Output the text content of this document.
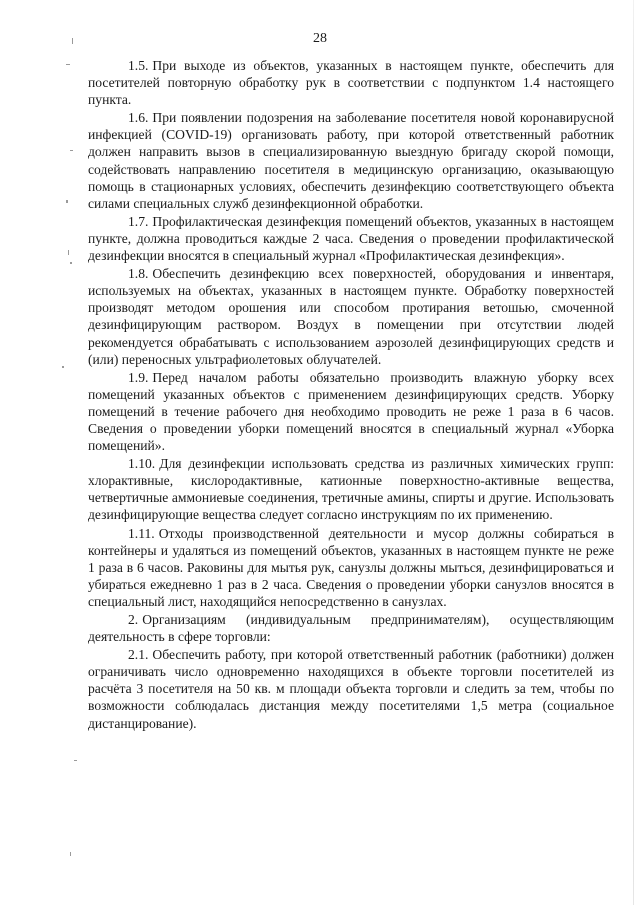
28

1.5. При выходе из объектов, указанных в настоящем пункте, обеспечить для посетителей повторную обработку рук в соответствии с подпунктом 1.4 настоящего пункта.

1.6. При появлении подозрения на заболевание посетителя новой коронавирусной инфекцией (COVID-19) организовать работу, при которой ответственный работник должен направить вызов в специализированную выездную бригаду скорой помощи, содействовать направлению посетителя в медицинскую организацию, оказывающую помощь в стационарных условиях, обеспечить дезинфекцию соответствующего объекта силами специальных служб дезинфекционной обработки.

1.7. Профилактическая дезинфекция помещений объектов, указанных в настоящем пункте, должна проводиться каждые 2 часа. Сведения о проведении профилактической дезинфекции вносятся в специальный журнал «Профилактическая дезинфекция».

1.8. Обеспечить дезинфекцию всех поверхностей, оборудования и инвентаря, используемых на объектах, указанных в настоящем пункте. Обработку поверхностей производят методом орошения или способом протирания ветошью, смоченной дезинфицирующим раствором. Воздух в помещении при отсутствии людей рекомендуется обрабатывать с использованием аэрозолей дезинфицирующих средств и (или) переносных ультрафиолетовых облучателей.

1.9. Перед началом работы обязательно производить влажную уборку всех помещений указанных объектов с применением дезинфицирующих средств. Уборку помещений в течение рабочего дня необходимо проводить не реже 1 раза в 6 часов. Сведения о проведении уборки помещений вносятся в специальный журнал «Уборка помещений».

1.10. Для дезинфекции использовать средства из различных химических групп: хлорактивные, кислородактивные, катионные поверхностно-активные вещества, четвертичные аммониевые соединения, третичные амины, спирты и другие. Использовать дезинфицирующие вещества следует согласно инструкциям по их применению.

1.11. Отходы производственной деятельности и мусор должны собираться в контейнеры и удаляться из помещений объектов, указанных в настоящем пункте не реже 1 раза в 6 часов. Раковины для мытья рук, санузлы должны мыться, дезинфицироваться и убираться ежедневно 1 раз в 2 часа. Сведения о проведении уборки санузлов вносятся в специальный лист, находящийся непосредственно в санузлах.

2. Организациям (индивидуальным предпринимателям), осуществляющим деятельность в сфере торговли:

2.1. Обеспечить работу, при которой ответственный работник (работники) должен ограничивать число одновременно находящихся в объекте торговли посетителей из расчёта 3 посетителя на 50 кв. м площади объекта торговли и следить за тем, чтобы по возможности соблюдалась дистанция между посетителями 1,5 метра (социальное дистанцирование).
